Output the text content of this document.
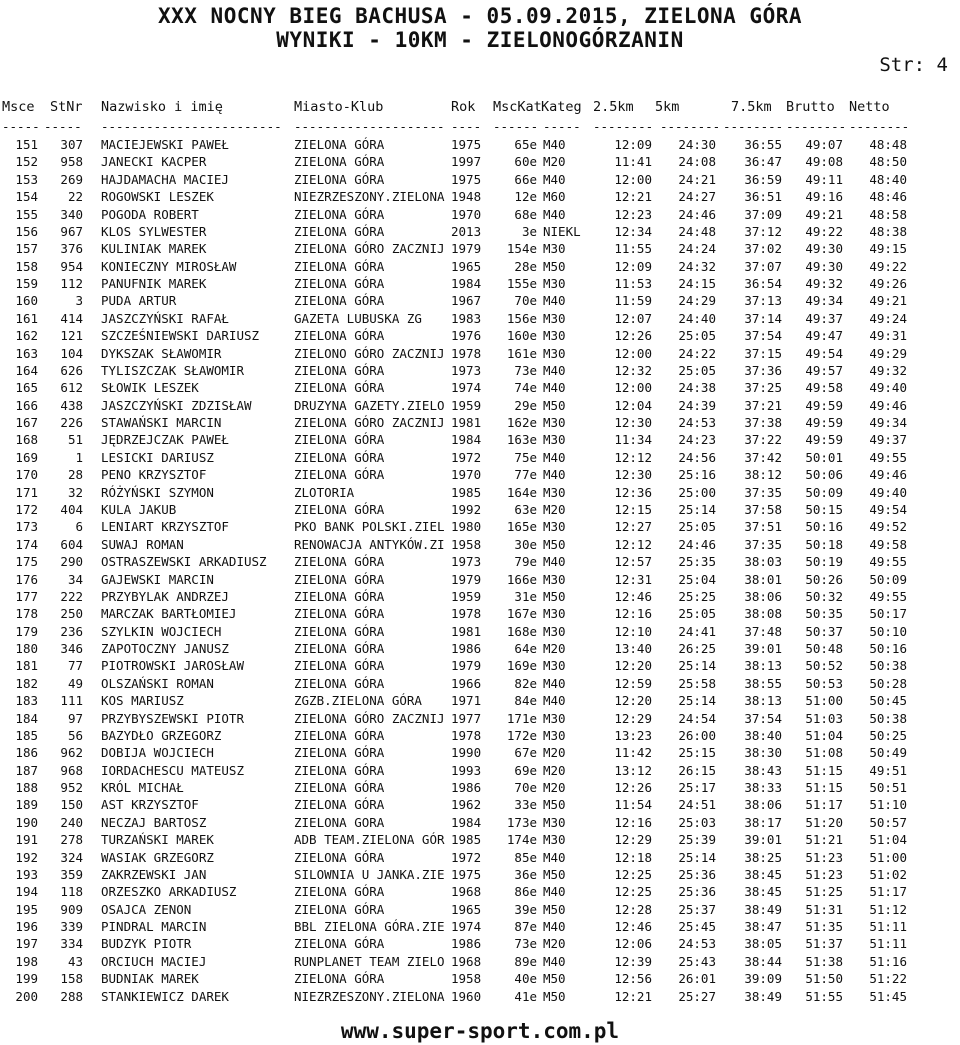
XXX NOCNY BIEG BACHUSA - 05.09.2015, ZIELONA GÓRA
WYNIKI - 10KM - ZIELONOGÓRZANIN
Str: 4
Msce StNr Nazwisko i imię	Miasto-Klub	Rok MscKat Kateg 2.5km 5km	7.5km Brutto Netto
----- ----- ------------------------ -------------------- ---- ------ ----- -------- -------- -------- -------- --------
151	307 MACIEJEWSKI PAWEŁ	ZIELONA GÓRA	1975	65e M40	12:09	24:30	36:55	49:07	48:48
152	958 JANECKI KACPER	ZIELONA GÓRA	1997	60e M20	11:41	24:08	36:47	49:08	48:50
153	269 HAJDAMACHA MACIEJ	ZIELONA GÓRA	1975	66e M40	12:00	24:21	36:59	49:11	48:40
154	22 ROGOWSKI LESZEK	NIEZRZESZONY.ZIELONA 1948	12e M60	12:21	24:27	36:51	49:16	48:46
155	340 POGODA ROBERT	ZIELONA GÓRA	1970	68e M40	12:23	24:46	37:09	49:21	48:58
156	967 KLOS SYLWESTER	ZIELONA GÓRA	2013	3e NIEKL	12:34	24:48	37:12	49:22	48:38
157	376 KULINIAK MAREK	ZIELONA GÓRO ZACZNIJ 1979	154e M30	11:55	24:24	37:02	49:30	49:15
158	954 KONIECZNY MIROSŁAW	ZIELONA GÓRA	1965	28e M50	12:09	24:32	37:07	49:30	49:22
159	112 PANUFNIK MAREK	ZIELONA GÓRA	1984	155e M30	11:53	24:15	36:54	49:32	49:26
160	3 PUDA ARTUR	ZIELONA GÓRA	1967	70e M40	11:59	24:29	37:13	49:34	49:21
161	414 JASZCZYŃSKI RAFAŁ	GAZETA LUBUSKA ZG	1983	156e M30	12:07	24:40	37:14	49:37	49:24
162	121 SZCZEŚNIEWSKI DARIUSZ	ZIELONA GÓRA	1976	160e M30	12:26	25:05	37:54	49:47	49:31
163	104 DYKSZAK SŁAWOMIR	ZIELONO GÓRO ZACZNIJ 1978	161e M30	12:00	24:22	37:15	49:54	49:29
164	626 TYLISZCZAK SŁAWOMIR	ZIELONA GÓRA	1973	73e M40	12:32	25:05	37:36	49:57	49:32
165	612 SŁOWIK LESZEK	ZIELONA GÓRA	1974	74e M40	12:00	24:38	37:25	49:58	49:40
166	438 JASZCZYŃSKI ZDZISŁAW	DRUZYNA GAZETY.ZIELO 1959	29e M50	12:04	24:39	37:21	49:59	49:46
167	226 STAWAŃSKI MARCIN	ZIELONA GÓRO ZACZNIJ 1981	162e M30	12:30	24:53	37:38	49:59	49:34
168	51 JĘDRZEJCZAK PAWEŁ	ZIELONA GÓRA	1984	163e M30	11:34	24:23	37:22	49:59	49:37
169	1 LESICKI DARIUSZ	ZIELONA GÓRA	1972	75e M40	12:12	24:56	37:42	50:01	49:55
170	28 PENO KRZYSZTOF	ZIELONA GÓRA	1970	77e M40	12:30	25:16	38:12	50:06	49:46
171	32 RÓŻYŃSKI SZYMON	ZLOTORIA	1985	164e M30	12:36	25:00	37:35	50:09	49:40
172	404 KULA JAKUB	ZIELONA GÓRA	1992	63e M20	12:15	25:14	37:58	50:15	49:54
173	6 LENIART KRZYSZTOF	PKO BANK POLSKI.ZIEL 1980	165e M30	12:27	25:05	37:51	50:16	49:52
174	604 SUWAJ ROMAN	RENOWACJA ANTYKÓW.ZI 1958	30e M50	12:12	24:46	37:35	50:18	49:58
175	290 OSTRASZEWSKI ARKADIUSZ	ZIELONA GÓRA	1973	79e M40	12:57	25:35	38:03	50:19	49:55
176	34 GAJEWSKI MARCIN	ZIELONA GÓRA	1979	166e M30	12:31	25:04	38:01	50:26	50:09
177	222 PRZYBYLAK ANDRZEJ	ZIELONA GÓRA	1959	31e M50	12:46	25:25	38:06	50:32	49:55
178	250 MARCZAK BARTŁOMIEJ	ZIELONA GÓRA	1978	167e M30	12:16	25:05	38:08	50:35	50:17
179	236 SZYLKIN WOJCIECH	ZIELONA GÓRA	1981	168e M30	12:10	24:41	37:48	50:37	50:10
180	346 ZAPOTOCZNY JANUSZ	ZIELONA GÓRA	1986	64e M20	13:40	26:25	39:01	50:48	50:16
181	77 PIOTROWSKI JAROSŁAW	ZIELONA GÓRA	1979	169e M30	12:20	25:14	38:13	50:52	50:38
182	49 OLSZAŃSKI ROMAN	ZIELONA GÓRA	1966	82e M40	12:59	25:58	38:55	50:53	50:28
183	111 KOS MARIUSZ	ZGZB.ZIELONA GÓRA	1971	84e M40	12:20	25:14	38:13	51:00	50:45
184	97 PRZYBYSZEWSKI PIOTR	ZIELONA GÓRO ZACZNIJ 1977	171e M30	12:29	24:54	37:54	51:03	50:38
185	56 BAZYDŁO GRZEGORZ	ZIELONA GÓRA	1978	172e M30	13:23	26:00	38:40	51:04	50:25
186	962 DOBIJA WOJCIECH	ZIELONA GÓRA	1990	67e M20	11:42	25:15	38:30	51:08	50:49
187	968 IORDACHESCU MATEUSZ	ZIELONA GÓRA	1993	69e M20	13:12	26:15	38:43	51:15	49:51
188	952 KRÓL MICHAŁ	ZIELONA GÓRA	1986	70e M20	12:26	25:17	38:33	51:15	50:51
189	150 AST KRZYSZTOF	ZIELONA GÓRA	1962	33e M50	11:54	24:51	38:06	51:17	51:10
190	240 NECZAJ BARTOSZ	ZIELONA GORA	1984	173e M30	12:16	25:03	38:17	51:20	50:57
191	278 TURZAŃSKI MAREK	ADB TEAM.ZIELONA GÓR 1985	174e M30	12:29	25:39	39:01	51:21	51:04
192	324 WASIAK GRZEGORZ	ZIELONA GÓRA	1972	85e M40	12:18	25:14	38:25	51:23	51:00
193	359 ZAKRZEWSKI JAN	SILOWNIA U JANKA.ZIE 1975	36e M50	12:25	25:36	38:45	51:23	51:02
194	118 ORZESZKO ARKADIUSZ	ZIELONA GÓRA	1968	86e M40	12:25	25:36	38:45	51:25	51:17
195	909 OSAJCA ZENON	ZIELONA GÓRA	1965	39e M50	12:28	25:37	38:49	51:31	51:12
196	339 PINDRAL MARCIN	BBL ZIELONA GÓRA.ZIE 1974	87e M40	12:46	25:45	38:47	51:35	51:11
197	334 BUDZYK PIOTR	ZIELONA GÓRA	1986	73e M20	12:06	24:53	38:05	51:37	51:11
198	43 ORCIUCH MACIEJ	RUNPLANET TEAM ZIELO 1968	89e M40	12:39	25:43	38:44	51:38	51:16
199	158 BUDNIAK MAREK	ZIELONA GÓRA	1958	40e M50	12:56	26:01	39:09	51:50	51:22
200	288 STANKIEWICZ DAREK	NIEZRZESZONY.ZIELONA 1960	41e M50	12:21	25:27	38:49	51:55	51:45
www.super-sport.com.pl
